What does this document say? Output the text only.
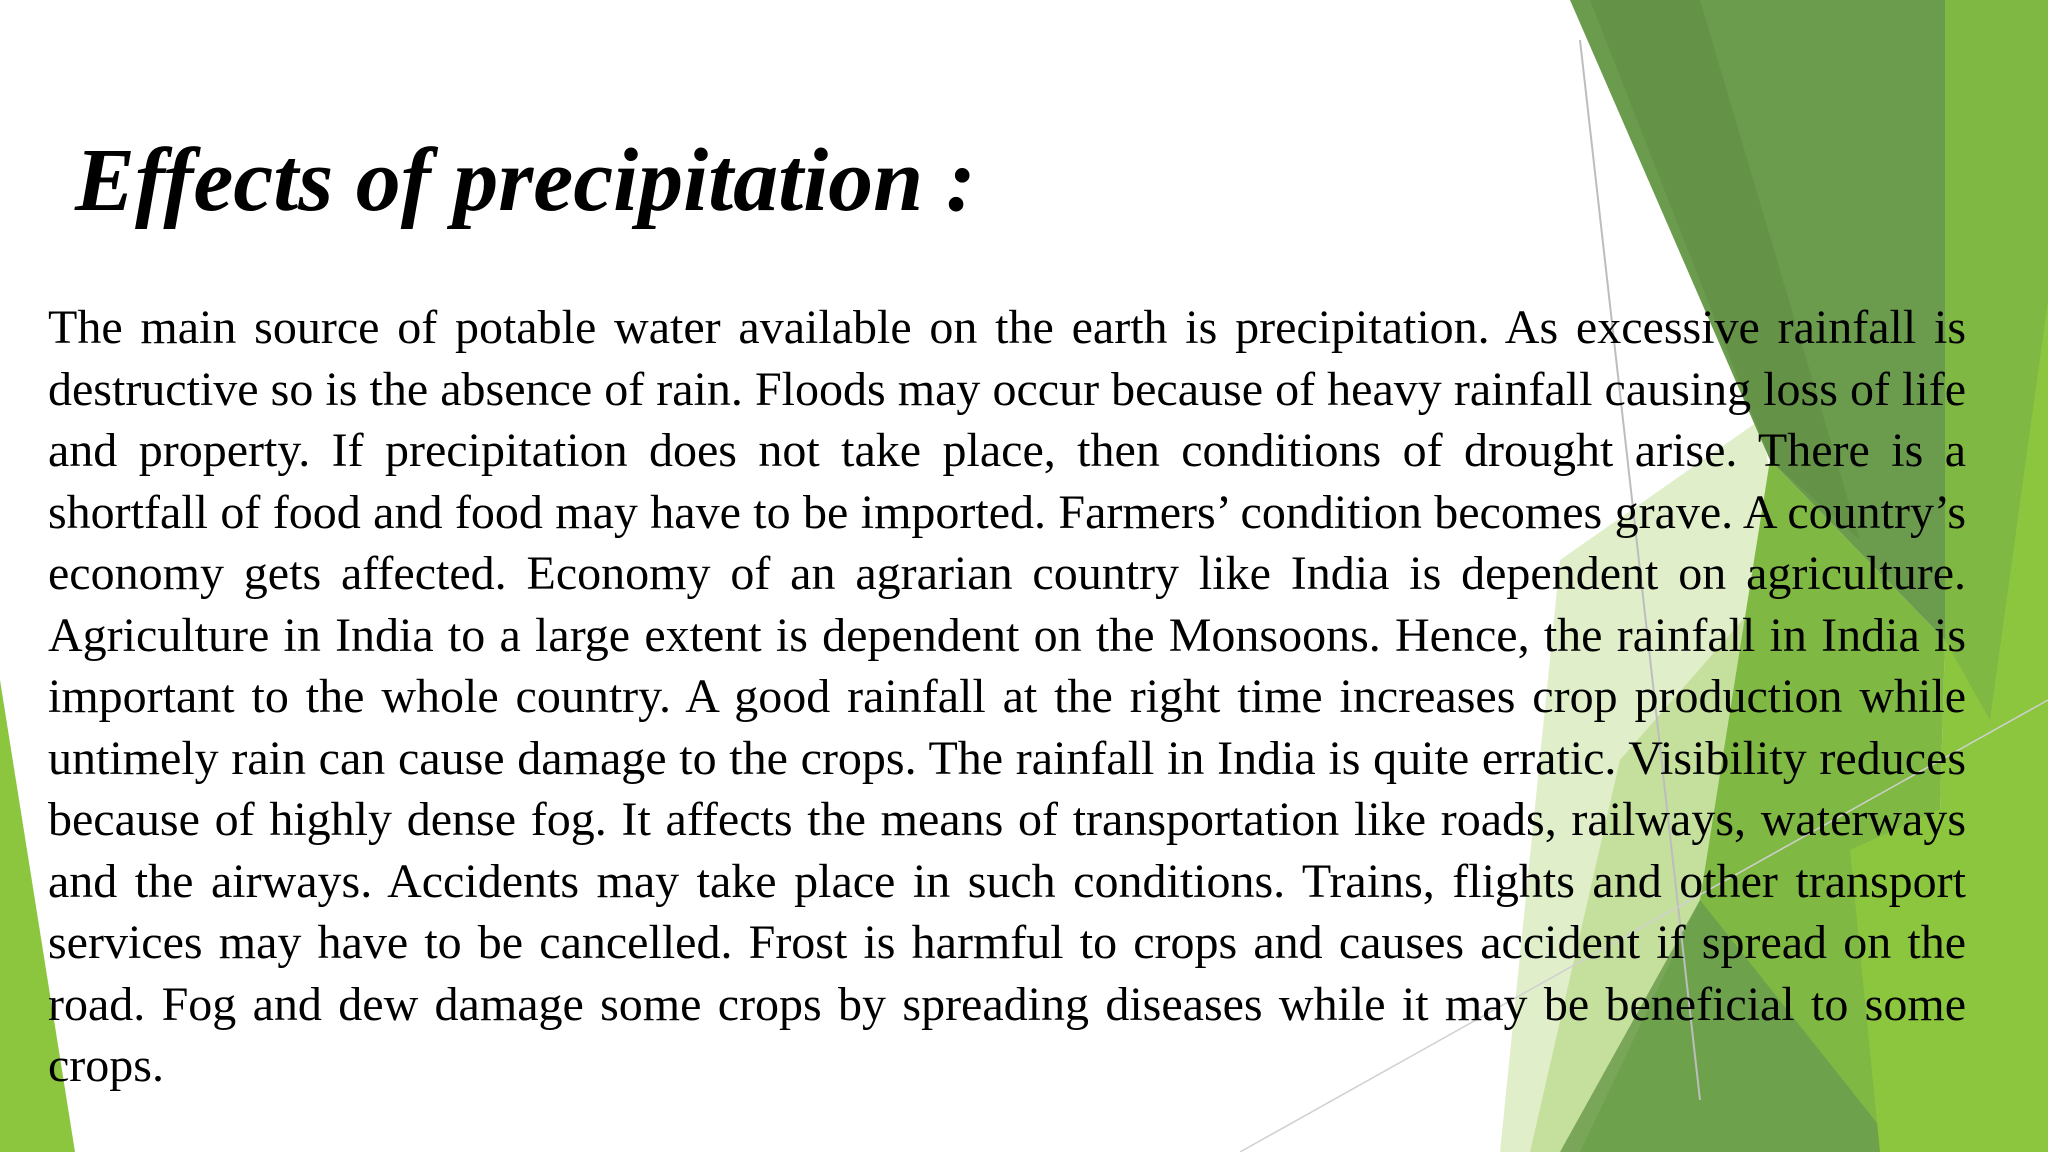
Effects of precipitation :

The main source of potable water available on the earth is precipitation. As excessive rainfall is destructive so is the absence of rain. Floods may occur because of heavy rainfall causing loss of life and property. If precipitation does not take place, then conditions of drought arise. There is a shortfall of food and food may have to be imported. Farmers’ condition becomes grave. A country’s economy gets affected. Economy of an agrarian country like India is dependent on agriculture. Agriculture in India to a large extent is dependent on the Monsoons. Hence, the rainfall in India is important to the whole country. A good rainfall at the right time increases crop production while untimely rain can cause damage to the crops. The rainfall in India is quite erratic. Visibility reduces because of highly dense fog. It affects the means of transportation like roads, railways, waterways and the airways. Accidents may take place in such conditions. Trains, flights and other transport services may have to be cancelled. Frost is harmful to crops and causes accident if spread on the road. Fog and dew damage some crops by spreading diseases while it may be beneficial to some crops.
